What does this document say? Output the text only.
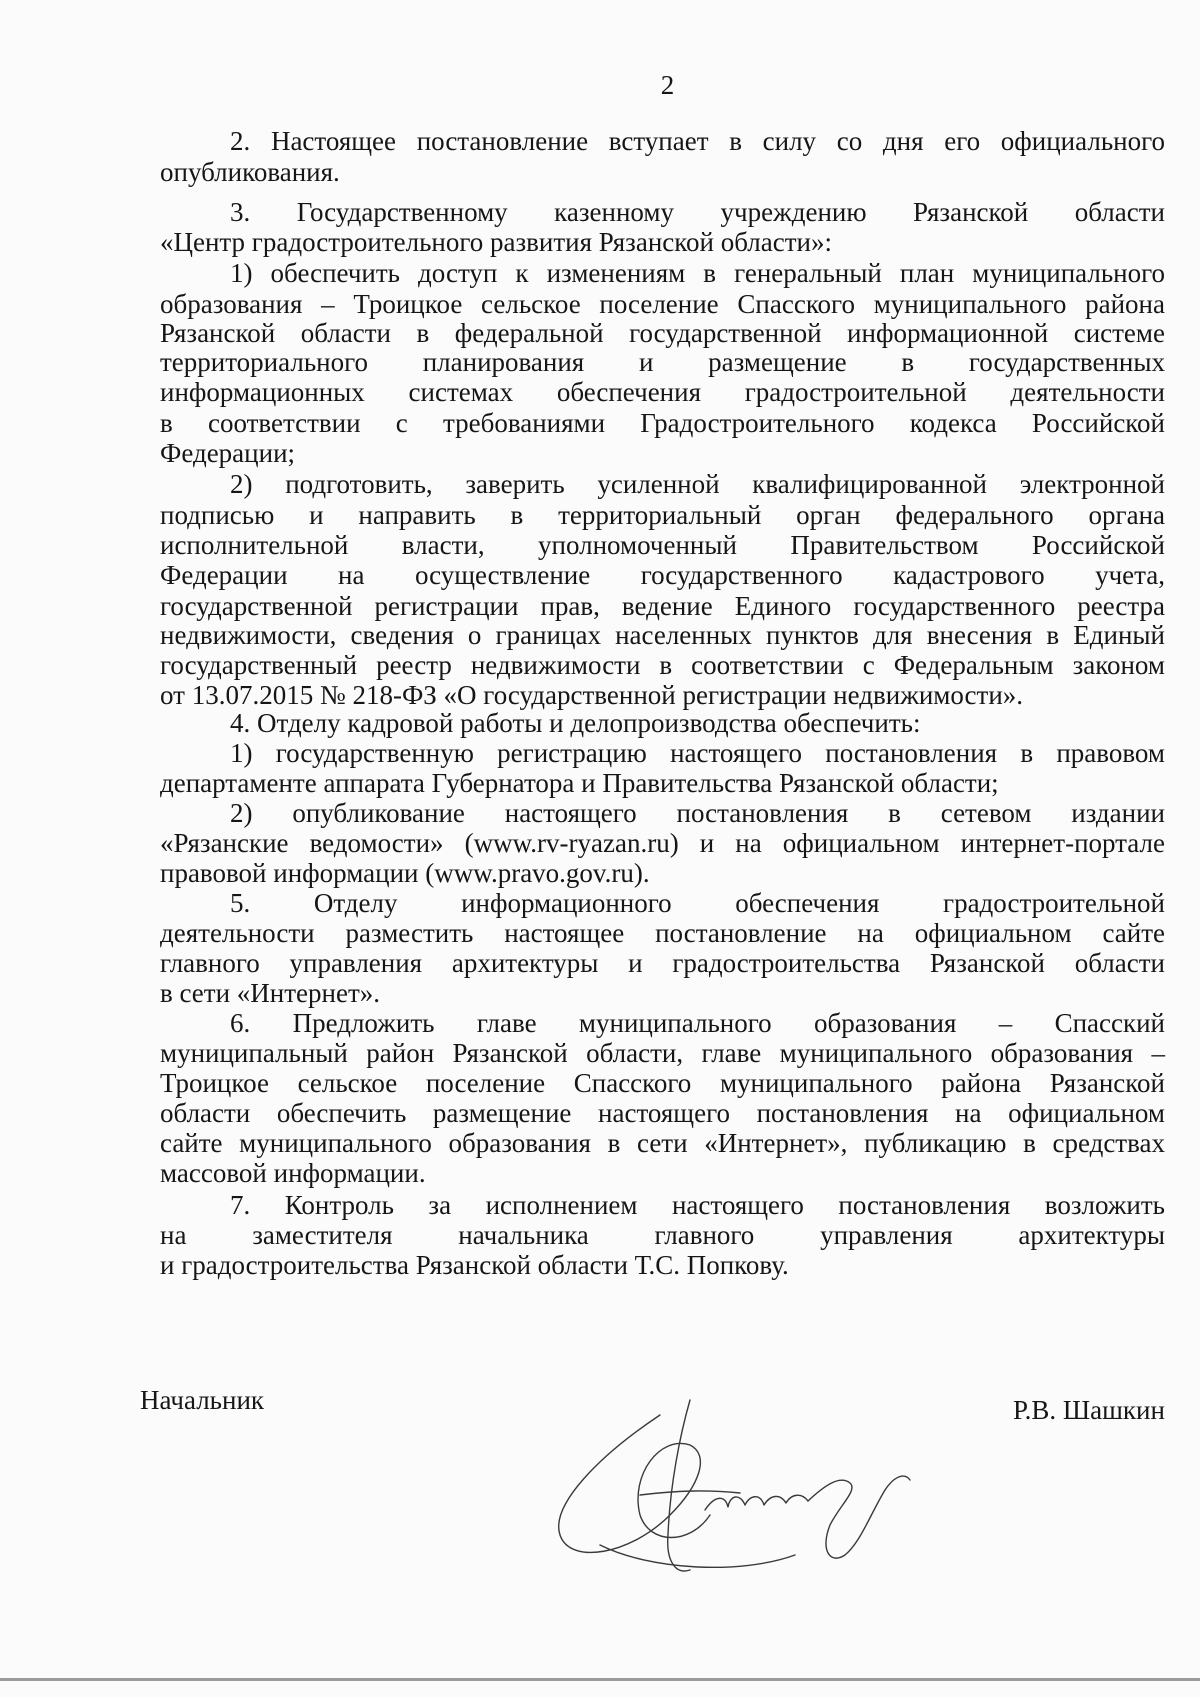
2
2. Настоящее постановление вступает в силу со дня его официального
опубликования.
3. Государственному казенному учреждению Рязанской области
«Центр градостроительного развития Рязанской области»:
1) обеспечить доступ к изменениям в генеральный план муниципального
образования – Троицкое сельское поселение Спасского муниципального района
Рязанской области в федеральной государственной информационной системе
территориального планирования и размещение в государственных
информационных системах обеспечения градостроительной деятельности
в соответствии с требованиями Градостроительного кодекса Российской
Федерации;
2) подготовить, заверить усиленной квалифицированной электронной
подписью и направить в территориальный орган федерального органа
исполнительной власти, уполномоченный Правительством Российской
Федерации на осуществление государственного кадастрового учета,
государственной регистрации прав, ведение Единого государственного реестра
недвижимости, сведения о границах населенных пунктов для внесения в Единый
государственный реестр недвижимости в соответствии с Федеральным законом
от 13.07.2015 № 218-ФЗ «О государственной регистрации недвижимости».
4. Отделу кадровой работы и делопроизводства обеспечить:
1) государственную регистрацию настоящего постановления в правовом
департаменте аппарата Губернатора и Правительства Рязанской области;
2) опубликование настоящего постановления в сетевом издании
«Рязанские ведомости» (www.rv-ryazan.ru) и на официальном интернет-портале
правовой информации (www.pravo.gov.ru).
5. Отделу информационного обеспечения градостроительной
деятельности разместить настоящее постановление на официальном сайте
главного управления архитектуры и градостроительства Рязанской области
в сети «Интернет».
6. Предложить главе муниципального образования – Спасский
муниципальный район Рязанской области, главе муниципального образования –
Троицкое сельское поселение Спасского муниципального района Рязанской
области обеспечить размещение настоящего постановления на официальном
сайте муниципального образования в сети «Интернет», публикацию в средствах
массовой информации.
7. Контроль за исполнением настоящего постановления возложить
на заместителя начальника главного управления архитектуры
и градостроительства Рязанской области Т.С. Попкову.
Начальник	Р.В. Шашкин
